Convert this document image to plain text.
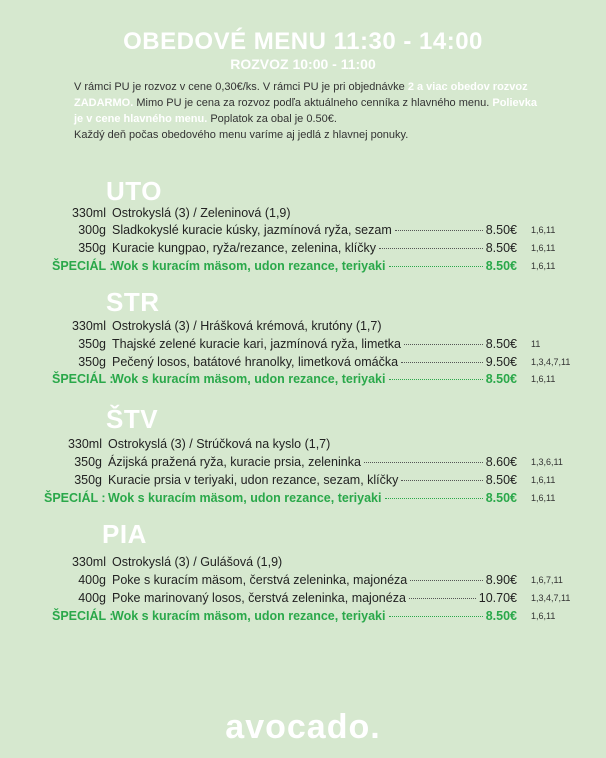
OBEDOVÉ MENU 11:30 - 14:00
ROZVOZ 10:00 - 11:00
V rámci PU je rozvoz v cene 0,30€/ks. V rámci PU je pri objednávke 2 a viac obedov rozvoz ZADARMO. Mimo PU je cena za rozvoz podľa aktuálneho cenníka z hlavného menu. Polievka je v cene hlavného menu. Poplatok za obal je 0.50€.
Každý deň počas obedového menu varíme aj jedlá z hlavnej ponuky.
UTO
330ml Ostrokyslá (3) / Zeleninová (1,9)
300g Sladkokyslé kuracie kúsky, jazmínová ryža, sezam	8.50€ 1,6,11
350g Kuracie kungpao, ryža/rezance, zelenina, klíčky	8.50€ 1,6,11
ŠPECIÁL :
Wok s kuracím mäsom, udon rezance, teriyaki	8.50€ 1,6,11
STR
330ml Ostrokyslá (3) / Hrášková krémová, krutóny (1,7)
350g Thajské zelené kuracie kari, jazmínová ryža, limetka	8.50€ 11
350g Pečený losos, batátové hranolky, limetková omáčka	9.50€ 1,3,4,7,11
ŠPECIÁL :
Wok s kuracím mäsom, udon rezance, teriyaki	8.50€ 1,6,11
ŠTV
330ml Ostrokyslá (3) / Strúčková na kyslo (1,7)
350g Ázijská pražená ryža, kuracie prsia, zeleninka	8.60€ 1,3,6,11
350g Kuracie prsia v teriyaki, udon rezance, sezam, klíčky	8.50€ 1,6,11
ŠPECIÁL : Wok s kuracím mäsom, udon rezance, teriyaki	8.50€ 1,6,11
PIA
330ml Ostrokyslá (3) / Gulášová (1,9)
400g Poke s kuracím mäsom, čerstvá zeleninka, majonéza	8.90€ 1,6,7,11
400g Poke marinovaný losos, čerstvá zeleninka, majonéza	10.70€ 1,3,4,7,11
ŠPECIÁL :
Wok s kuracím mäsom, udon rezance, teriyaki	8.50€ 1,6,11
avocado.
